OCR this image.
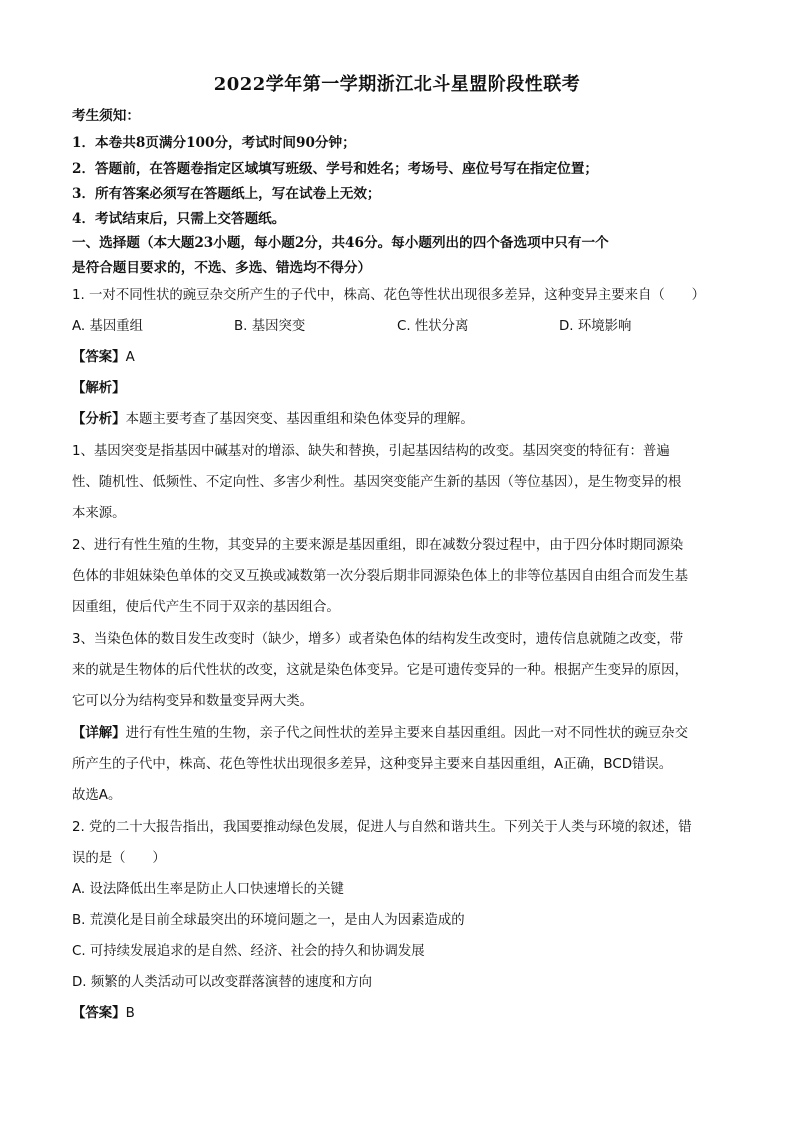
2022学年第一学期浙江北斗星盟阶段性联考
考生须知：
1．本卷共8页满分100分，考试时间90分钟；
2．答题前，在答题卷指定区域填写班级、学号和姓名；考场号、座位号写在指定位置；
3．所有答案必须写在答题纸上，写在试卷上无效；
4．考试结束后，只需上交答题纸。
一、选择题（本大题23小题，每小题2分，共46分。每小题列出的四个备选项中只有一个
是符合题目要求的，不选、多选、错选均不得分）
1. 一对不同性状的豌豆杂交所产生的子代中，株高、花色等性状出现很多差异，这种变异主要来自（　　）
A. 基因重组	B. 基因突变	C. 性状分离	D. 环境影响
【答案】A
【解析】
【分析】本题主要考查了基因突变、基因重组和染色体变异的理解。
1、基因突变是指基因中碱基对的增添、缺失和替换，引起基因结构的改变。基因突变的特征有：普遍
性、随机性、低频性、不定向性、多害少利性。基因突变能产生新的基因（等位基因），是生物变异的根
本来源。
2、进行有性生殖的生物，其变异的主要来源是基因重组，即在减数分裂过程中，由于四分体时期同源染
色体的非姐妹染色单体的交叉互换或减数第一次分裂后期非同源染色体上的非等位基因自由组合而发生基
因重组，使后代产生不同于双亲的基因组合。
3、当染色体的数目发生改变时（缺少，增多）或者染色体的结构发生改变时，遗传信息就随之改变，带
来的就是生物体的后代性状的改变，这就是染色体变异。它是可遗传变异的一种。根据产生变异的原因，
它可以分为结构变异和数量变异两大类。
【详解】进行有性生殖的生物，亲子代之间性状的差异主要来自基因重组。因此一对不同性状的豌豆杂交
所产生的子代中，株高、花色等性状出现很多差异，这种变异主要来自基因重组，A正确，BCD错误。
故选A。
2. 党的二十大报告指出，我国要推动绿色发展，促进人与自然和谐共生。下列关于人类与环境的叙述，错
误的是（　　）
A. 设法降低出生率是防止人口快速增长的关键
B. 荒漠化是目前全球最突出的环境问题之一，是由人为因素造成的
C. 可持续发展追求的是自然、经济、社会的持久和协调发展
D. 频繁的人类活动可以改变群落演替的速度和方向
【答案】B
